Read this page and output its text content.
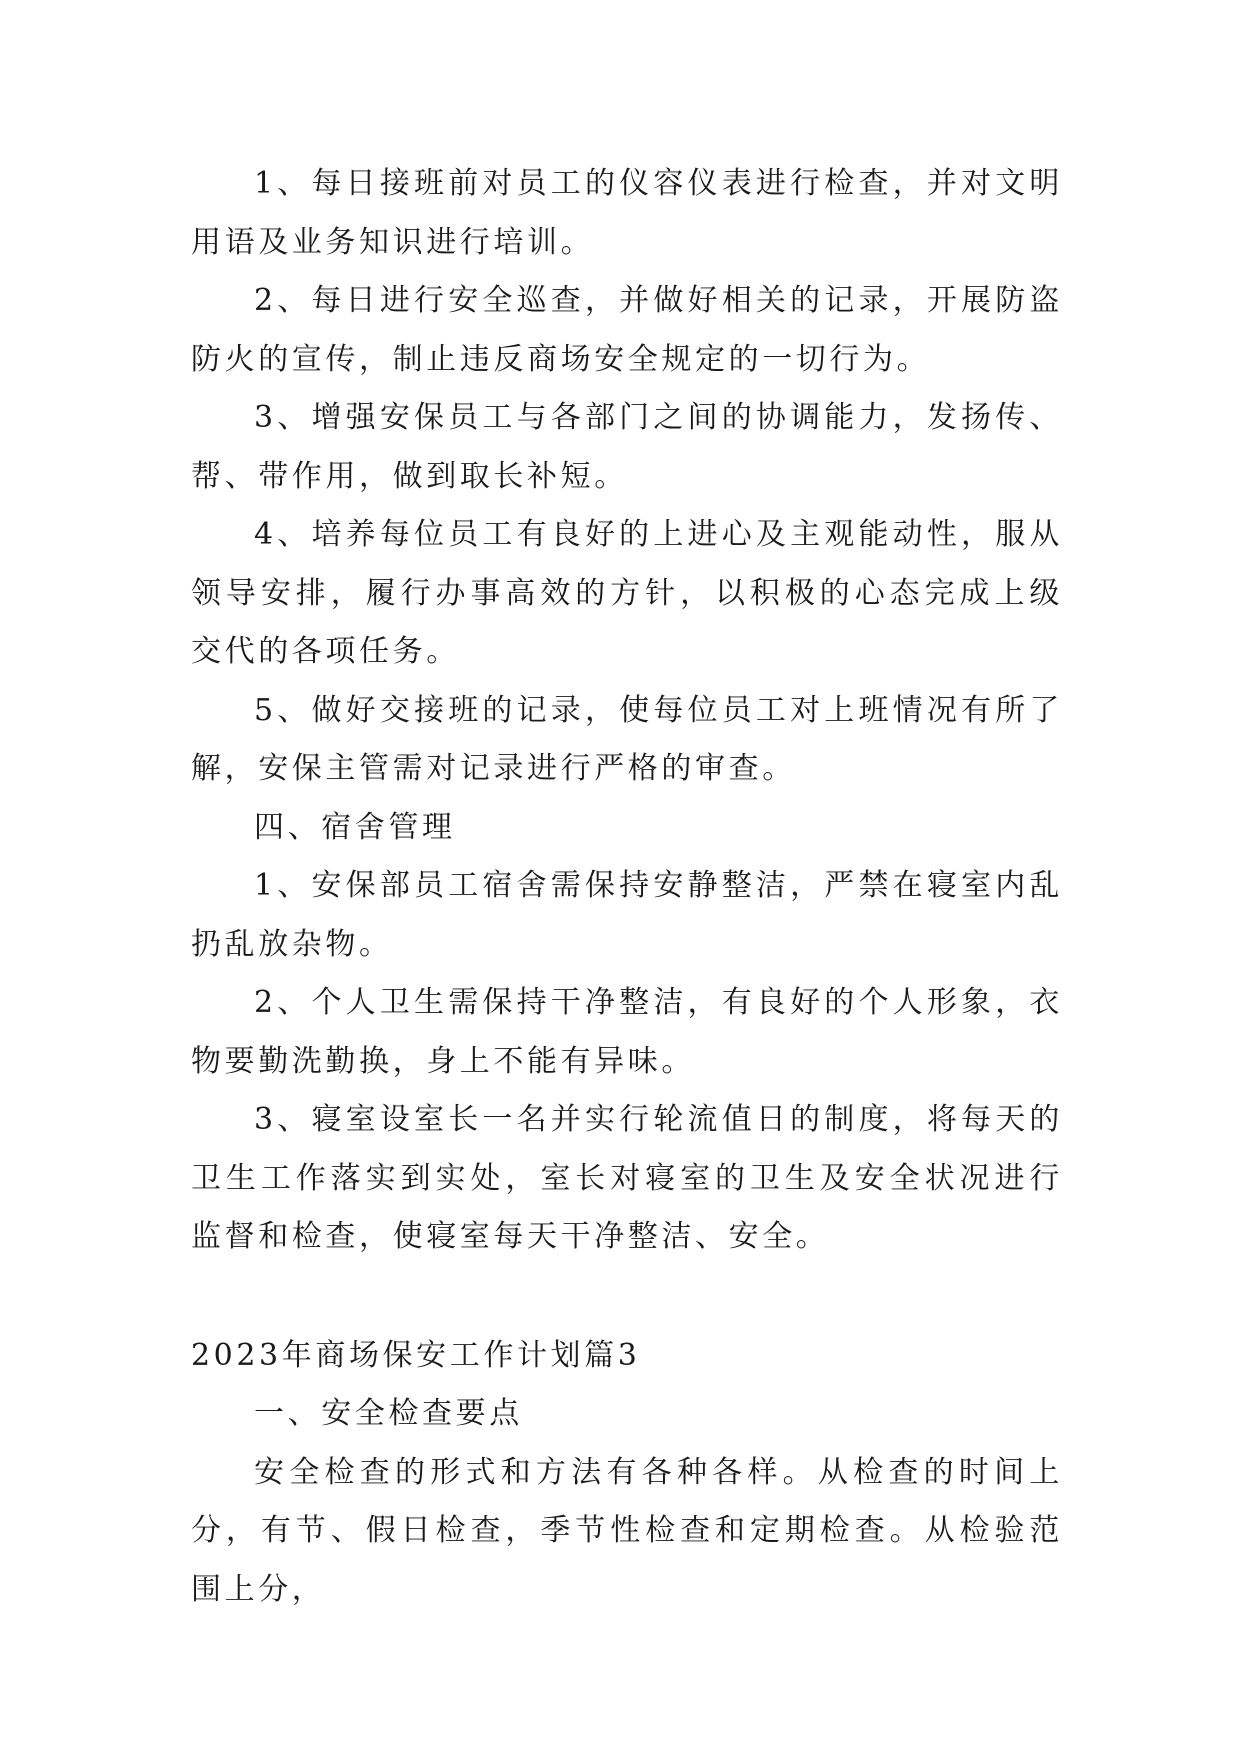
1、每日接班前对员工的仪容仪表进行检查，并对文明用语及业务知识进行培训。

2、每日进行安全巡查，并做好相关的记录，开展防盗防火的宣传，制止违反商场安全规定的一切行为。

3、增强安保员工与各部门之间的协调能力，发扬传、帮、带作用，做到取长补短。

4、培养每位员工有良好的上进心及主观能动性，服从领导安排，履行办事高效的方针，以积极的心态完成上级交代的各项任务。

5、做好交接班的记录，使每位员工对上班情况有所了解，安保主管需对记录进行严格的审查。

四、宿舍管理

1、安保部员工宿舍需保持安静整洁，严禁在寝室内乱扔乱放杂物。

2、个人卫生需保持干净整洁，有良好的个人形象，衣物要勤洗勤换，身上不能有异味。

3、寝室设室长一名并实行轮流值日的制度，将每天的卫生工作落实到实处，室长对寝室的卫生及安全状况进行监督和检查，使寝室每天干净整洁、安全。

2023年商场保安工作计划篇3

一、安全检查要点

安全检查的形式和方法有各种各样。从检查的时间上分，有节、假日检查，季节性检查和定期检查。从检验范围上分，
